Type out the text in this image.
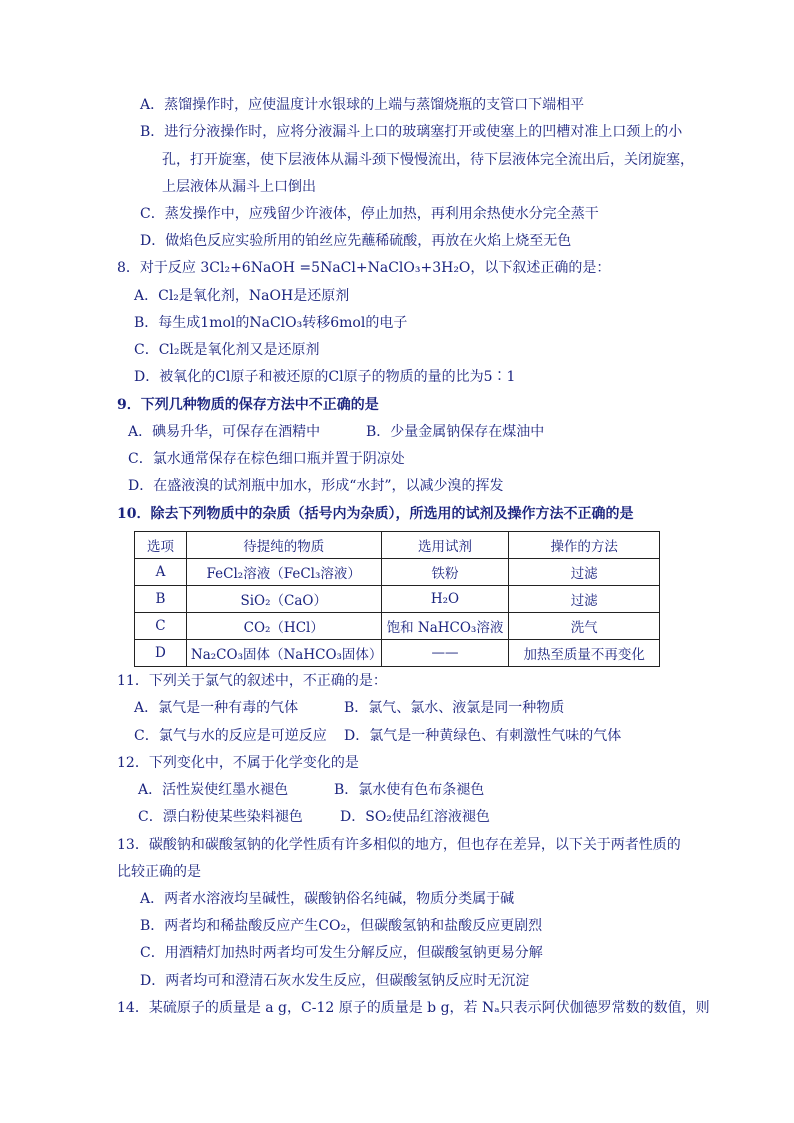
A．蒸馏操作时，应使温度计水银球的上端与蒸馏烧瓶的支管口下端相平
B．进行分液操作时，应将分液漏斗上口的玻璃塞打开或使塞上的凹槽对准上口颈上的小
孔，打开旋塞，使下层液体从漏斗颈下慢慢流出，待下层液体完全流出后，关闭旋塞，
上层液体从漏斗上口倒出
C．蒸发操作中，应残留少许液体，停止加热，再利用余热使水分完全蒸干
D．做焰色反应实验所用的铂丝应先蘸稀硫酸，再放在火焰上烧至无色
8．对于反应 3Cl₂+6NaOH =5NaCl+NaClO₃+3H₂O，以下叙述正确的是：
A．Cl₂是氧化剂，NaOH是还原剂
B．每生成1mol的NaClO₃转移6mol的电子
C．Cl₂既是氧化剂又是还原剂
D．被氧化的Cl原子和被还原的Cl原子的物质的量的比为5∶1
9．下列几种物质的保存方法中不正确的是
A．碘易升华，可保存在酒精中	B．少量金属钠保存在煤油中
C．氯水通常保存在棕色细口瓶并置于阴凉处
D．在盛液溴的试剂瓶中加水，形成“水封”，以减少溴的挥发
10．除去下列物质中的杂质（括号内为杂质），所选用的试剂及操作方法不正确的是
选项	待提纯的物质	选用试剂	操作的方法
A	FeCl₂溶液（FeCl₃溶液）	铁粉	过滤
B	SiO₂（CaO）	H₂O	过滤
C	CO₂（HCl）	饱和 NaHCO₃溶液	洗气
D	Na₂CO₃固体（NaHCO₃固体）	——	加热至质量不再变化
11．下列关于氯气的叙述中，不正确的是：
A．氯气是一种有毒的气体	B．氯气、氯水、液氯是同一种物质
C．氯气与水的反应是可逆反应 D．氯气是一种黄绿色、有刺激性气味的气体
12．下列变化中，不属于化学变化的是
A．活性炭使红墨水褪色	B．氯水使有色布条褪色
C．漂白粉使某些染料褪色	D．SO₂使品红溶液褪色
13．碳酸钠和碳酸氢钠的化学性质有许多相似的地方，但也存在差异，以下关于两者性质的
比较正确的是
A．两者水溶液均呈碱性，碳酸钠俗名纯碱，物质分类属于碱
B．两者均和稀盐酸反应产生CO₂，但碳酸氢钠和盐酸反应更剧烈
C．用酒精灯加热时两者均可发生分解反应，但碳酸氢钠更易分解
D．两者均可和澄清石灰水发生反应，但碳酸氢钠反应时无沉淀
14．某硫原子的质量是 a g，C-12 原子的质量是 b g，若 Nₐ只表示阿伏伽德罗常数的数值，则
